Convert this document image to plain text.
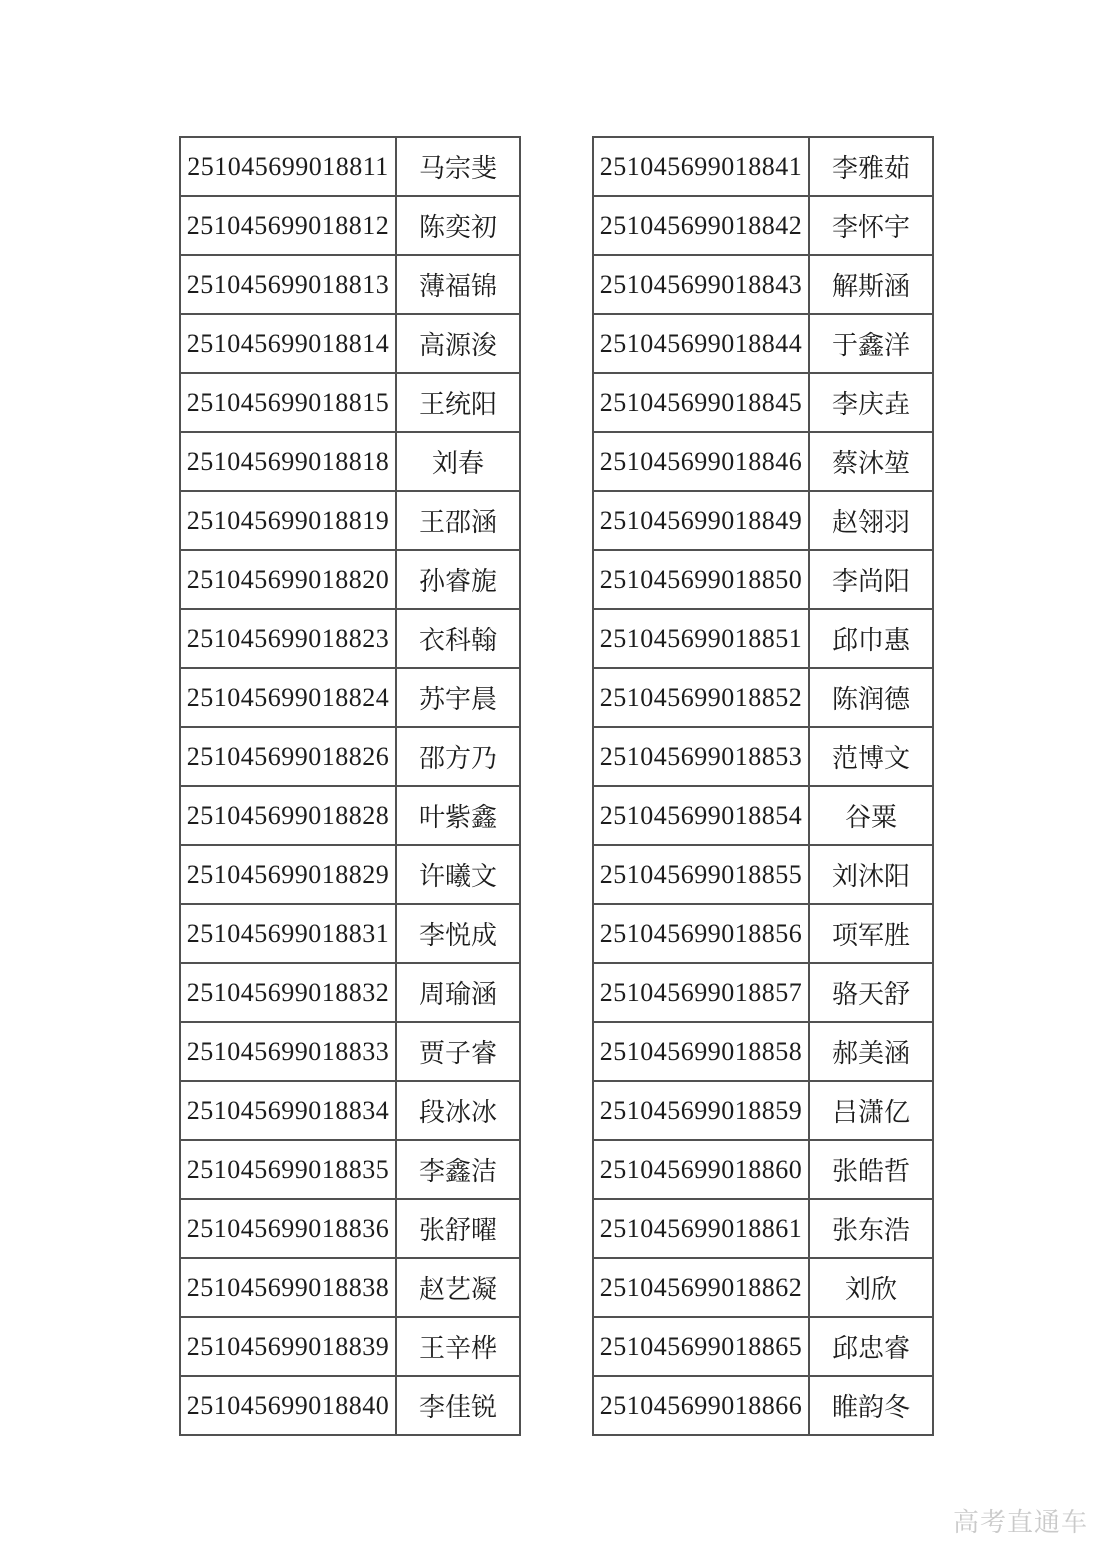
251045699018811	马宗斐
251045699018812	陈奕初
251045699018813	薄福锦
251045699018814	高源浚
251045699018815	王统阳
251045699018818	刘春
251045699018819	王邵涵
251045699018820	孙睿旎
251045699018823	衣科翰
251045699018824	苏宇晨
251045699018826	邵方乃
251045699018828	叶紫鑫
251045699018829	许曦文
251045699018831	李悦成
251045699018832	周瑜涵
251045699018833	贾子睿
251045699018834	段冰冰
251045699018835	李鑫洁
251045699018836	张舒曜
251045699018838	赵艺凝
251045699018839	王辛桦
251045699018840	李佳锐
251045699018841	李雅茹
251045699018842	李怀宇
251045699018843	解斯涵
251045699018844	于鑫洋
251045699018845	李庆垚
251045699018846	蔡沐堃
251045699018849	赵翎羽
251045699018850	李尚阳
251045699018851	邱巾惠
251045699018852	陈润德
251045699018853	范博文
251045699018854	谷粟
251045699018855	刘沐阳
251045699018856	项军胜
251045699018857	骆天舒
251045699018858	郝美涵
251045699018859	吕潇亿
251045699018860	张皓哲
251045699018861	张东浩
251045699018862	刘欣
251045699018865	邱忠睿
251045699018866	睢韵冬
高考直通车
